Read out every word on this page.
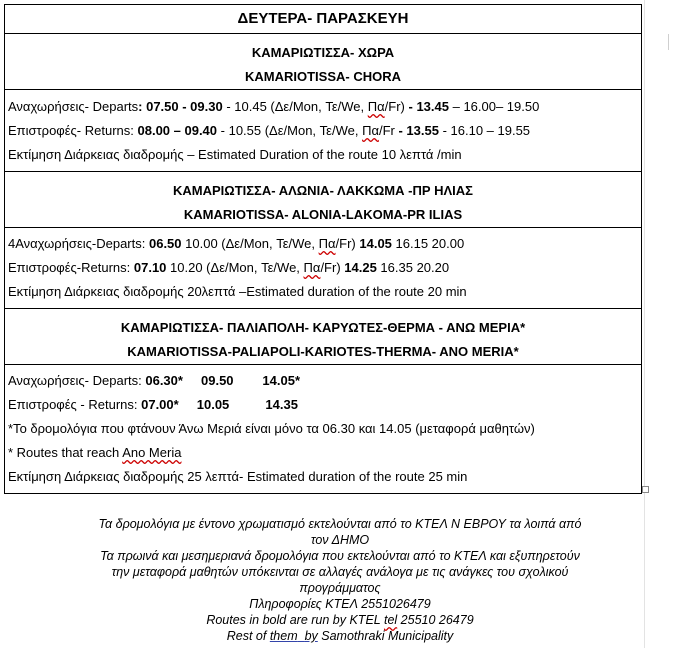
ΔΕΥΤΕΡΑ- ΠΑΡΑΣΚΕΥΗ

ΚΑΜΑΡΙΩΤΙΣΣΑ- ΧΩΡΑ
KAMARIOTISSA- CHORA

Αναχωρήσεις- Departs: 07.50 - 09.30 - 10.45 (Δε/Mon, Τε/We, Πα/Fr) - 13.45 – 16.00– 19.50
Επιστροφές- Returns: 08.00 – 09.40 - 10.55 (Δε/Mon, Τε/We, Πα/Fr - 13.55 - 16.10 – 19.55
Εκτίμηση Διάρκειας διαδρομής – Estimated Duration of the route 10 λεπτά /min

ΚΑΜΑΡΙΩΤΙΣΣΑ- ΑΛΩΝΙΑ- ΛΑΚΚΩΜΑ -ΠΡ ΗΛΙΑΣ
KAMARIOTISSA- ALONIA-LAKOMA-PR ILIAS

4Αναχωρήσεις-Departs: 06.50 10.00 (Δε/Mon, Τε/We, Πα/Fr) 14.05 16.15 20.00
Επιστροφές-Returns: 07.10 10.20 (Δε/Mon, Τε/We, Πα/Fr) 14.25 16.35 20.20
Εκτίμηση Διάρκειας διαδρομής 20λεπτά –Estimated duration of the route 20 min

ΚΑΜΑΡΙΩΤΙΣΣΑ- ΠΑΛΙΑΠΟΛΗ- ΚΑΡΥΩΤΕΣ-ΘΕΡΜΑ - ΑΝΩ ΜΕΡΙΑ*
KAMARIOTISSA-PALIAPOLI-KARIOTES-THERMA- ANO MERIA*

Αναχωρήσεις- Departs: 06.30*     09.50        14.05*
Επιστροφές - Returns: 07.00*     10.05          14.35
*Το δρομολόγια που φτάνουν Άνω Μεριά είναι μόνο τα 06.30 και 14.05 (μεταφορά μαθητών)
* Routes that reach Ano Meria
Εκτίμηση Διάρκειας διαδρομής 25 λεπτά- Estimated duration of the route 25 min
Τα δρομολόγια με έντονο χρωματισμό εκτελούνται από το ΚΤΕΛ Ν ΕΒΡΟΥ τα λοιπά από
τον ΔΗΜΟ
Τα πρωινά και μεσημεριανά δρομολόγια που εκτελούνται από το ΚΤΕΛ και εξυπηρετούν
την μεταφορά μαθητών υπόκεινται σε αλλαγές ανάλογα με τις ανάγκες του σχολικού
προγράμματος
Πληροφορίες ΚΤΕΛ 2551026479
Routes in bold are run by KTEL tel 25510 26479
Rest of them by Samothraki Municipality
